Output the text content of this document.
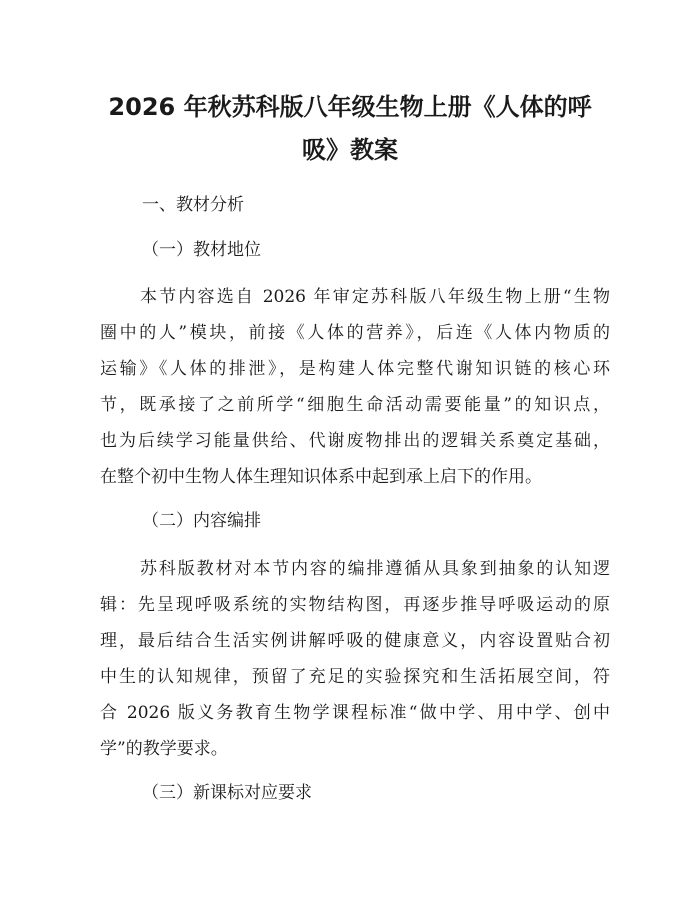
2026 年秋苏科版八年级生物上册《人体的呼
吸》教案
一、教材分析
（一）教材地位
本节内容选自 2026 年审定苏科版八年级生物上册“生物
圈中的人”模块，前接《人体的营养》，后连《人体内物质的
运输》《人体的排泄》，是构建人体完整代谢知识链的核心环
节，既承接了之前所学“细胞生命活动需要能量”的知识点，
也为后续学习能量供给、代谢废物排出的逻辑关系奠定基础，
在整个初中生物人体生理知识体系中起到承上启下的作用。
（二）内容编排
苏科版教材对本节内容的编排遵循从具象到抽象的认知逻
辑：先呈现呼吸系统的实物结构图，再逐步推导呼吸运动的原
理，最后结合生活实例讲解呼吸的健康意义，内容设置贴合初
中生的认知规律，预留了充足的实验探究和生活拓展空间，符
合 2026 版义务教育生物学课程标准“做中学、用中学、创中
学”的教学要求。
（三）新课标对应要求
